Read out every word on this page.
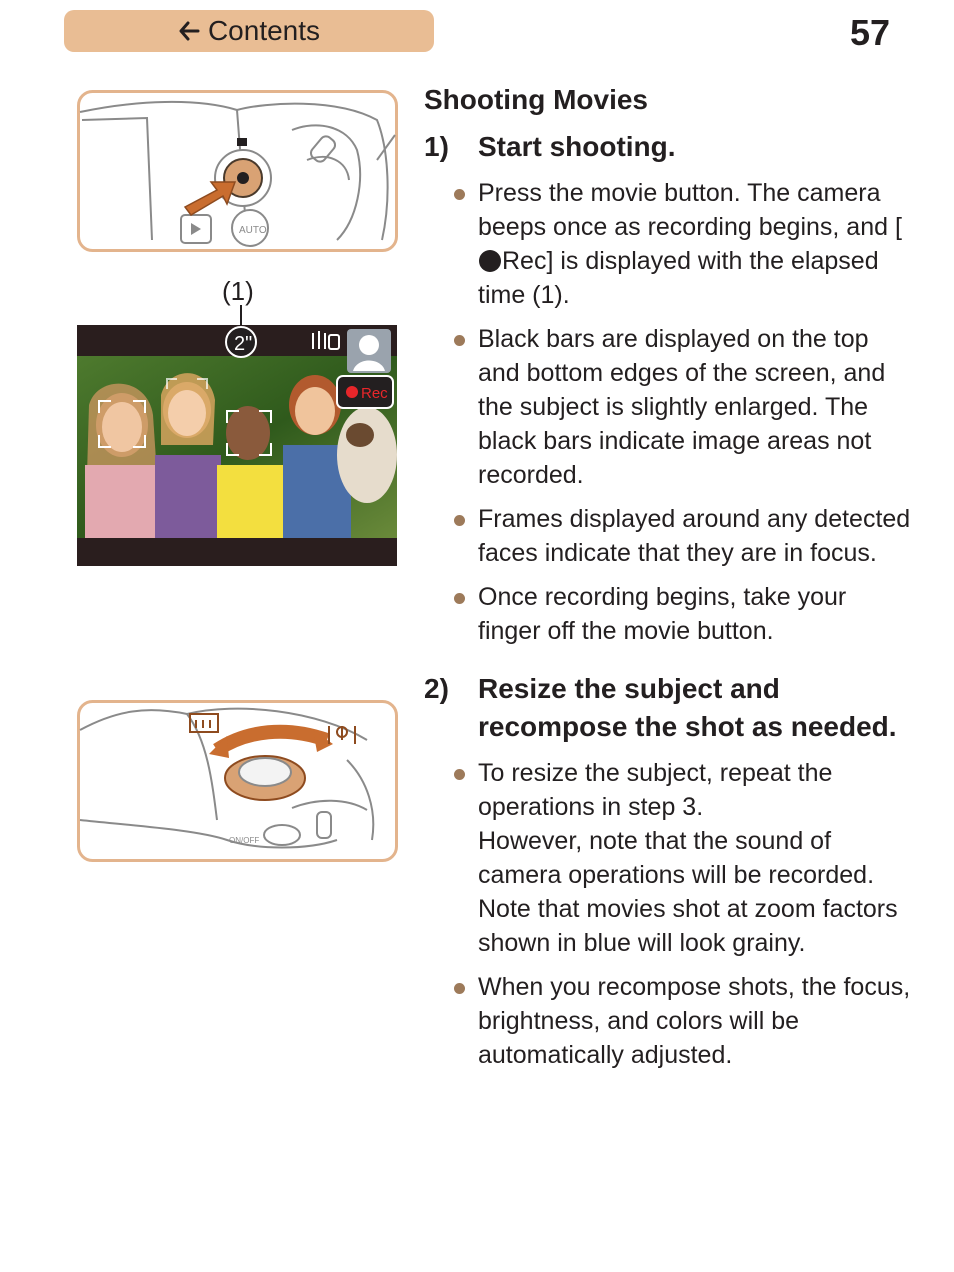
Contents	57
AUTO
(1)
2"
Rec
ON/OFF
Shooting Movies
1)	Start shooting.
Press the movie button. The camera beeps once as recording begins, and [Rec] is displayed with the elapsed time (1).
Black bars are displayed on the top and bottom edges of the screen, and the subject is slightly enlarged. The black bars indicate image areas not recorded.
Frames displayed around any detected faces indicate that they are in focus.
Once recording begins, take your finger off the movie button.
2)	Resize the subject and recompose the shot as needed.
To resize the subject, repeat the operations in step 3.
However, note that the sound of camera operations will be recorded. Note that movies shot at zoom factors shown in blue will look grainy.
When you recompose shots, the focus, brightness, and colors will be automatically adjusted.
